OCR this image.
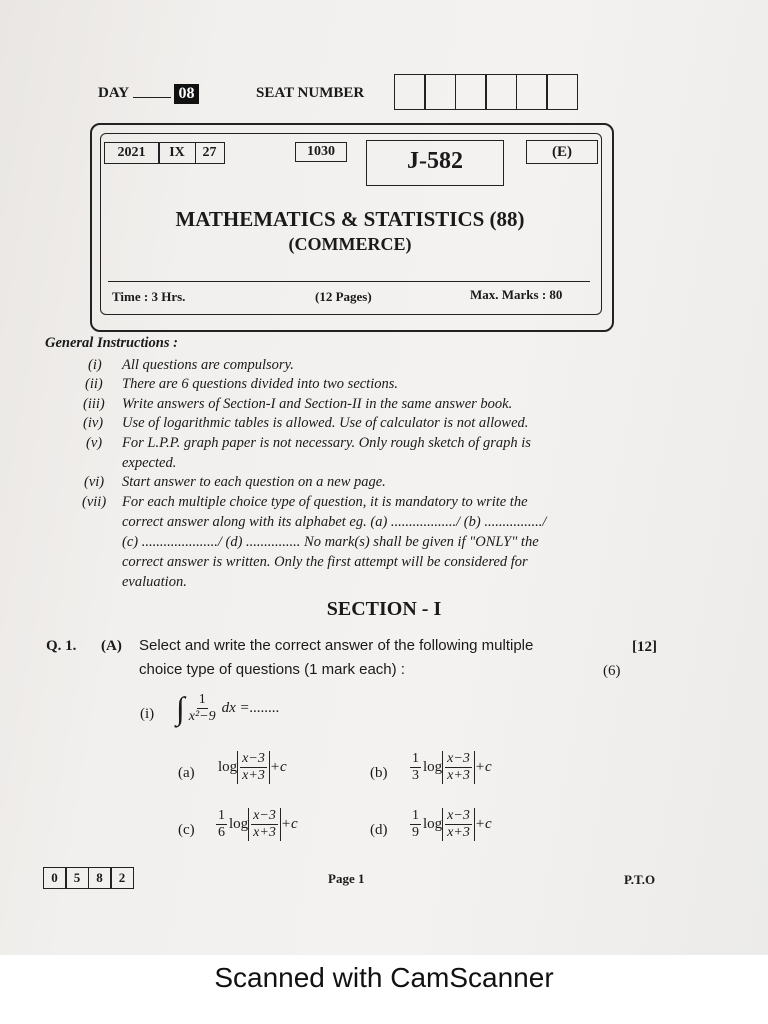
DAY	08	SEAT NUMBER
2021	IX	27	1030	J-582	(E)
MATHEMATICS & STATISTICS (88)
(COMMERCE)
Time : 3 Hrs.	(12 Pages)	Max. Marks : 80
General Instructions :
(i) All questions are compulsory.
(ii) There are 6 questions divided into two sections.
(iii) Write answers of Section-I and Section-II in the same answer book.
(iv) Use of logarithmic tables is allowed. Use of calculator is not allowed.
(v) For L.P.P. graph paper is not necessary. Only rough sketch of graph is
expected.
(vi) Start answer to each question on a new page.
(vii) For each multiple choice type of question, it is mandatory to write the
correct answer along with its alphabet eg. (a) ................../ (b) ................/
(c) ...................../ (d) ............... No mark(s) shall be given if "ONLY" the
correct answer is written. Only the first attempt will be considered for
evaluation.
SECTION - I
Q. 1. (A) Select and write the correct answer of the following multiple
choice type of questions (1 mark each) :
[12]
(6)
(i) ∫ $\frac{1}{\text{x²−9}}$ dx =........
(a) $\log \frac{x-3}{x+3} +c$	$(b) \frac{1}{3}$ $\log \frac{x-3}{x+3} +c$
$(c) \frac{1}{6}$ $\log \frac{x-3}{x+3} +c$	$(d) \frac{1}{9}$ $\log \frac{x-3}{x+3} +c$
0	5	8	2	Page 1	P.T.O
Scanned with CamScanner
